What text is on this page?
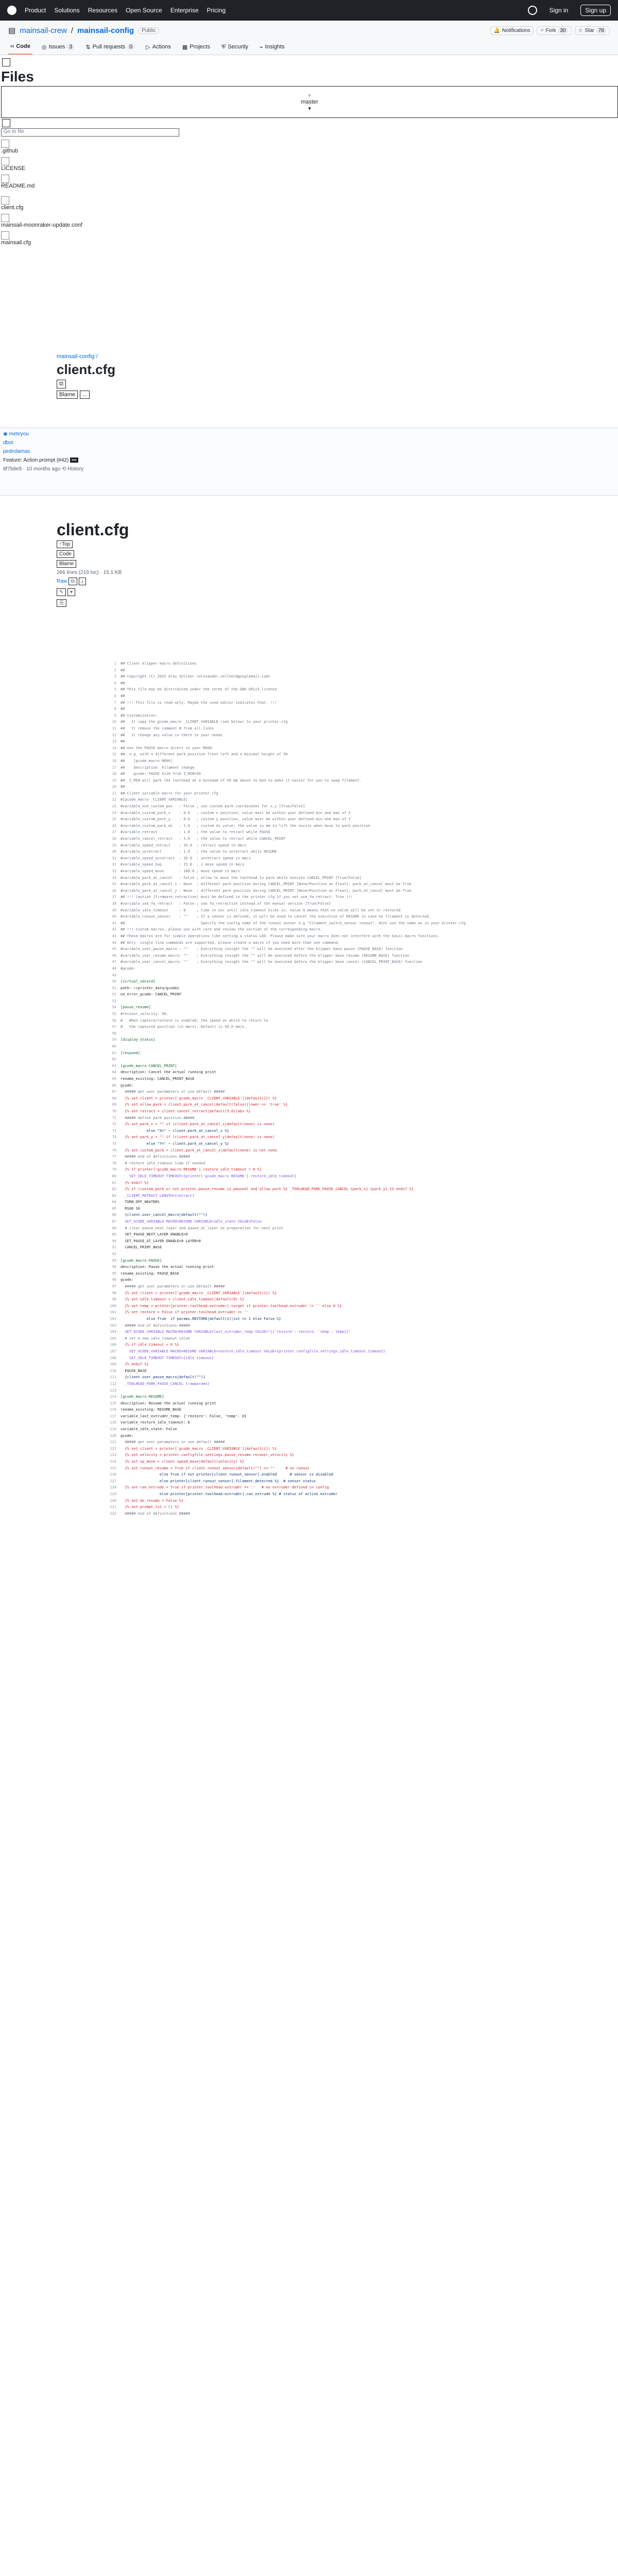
Product Solutions Resources Open Source Enterprise Pricing	Sign in	Sign up
▤ mainsail-crew / mainsail-config	Public	🔔 Notifications ⑂ Fork 30	☆ Star 78
‹› Code ◎ Issues 3	⇅ Pull requests 0	▷ Actions ▦ Projects ⛨ Security ⌁ Insights
Files
⑂
master
▾
Go to file
.github
LICENSE
README.md
client.cfg
mainsail-moonraker-update.conf
mainsail.cfg
mainsail-config /
client.cfg
⧉
Blame	...
◉ meteyou
dbot
pedrolamas
Feature: Action prompt (#42) •••
8f7b8e9 · 10 months ago ⟲ History
client.cfg
↑Top
Code
Blame
266 lines (219 loc) · 15.1 KB
Raw ⧉ ⤓
✎ ▾
☰
1	## Client klipper macro definitions
2	##
3	## Copyright (C) 2022 Alex Zellner <alexander.zellner@googlemail.com>
4	##
5	## This file may be distributed under the terms of the GNU GPLv3 license
6	##
7	## !!! This file is read-only. Maybe the used editor indicates that. !!!
8	##
9	## Customization:
10	##   1) copy the gcode_macro _CLIENT_VARIABLE (see below) to your printer.cfg
11	##   2) remove the comment # from all lines
12	##   3) change any value in there to your needs
13	##
14	## Use the PAUSE macro direct in your M600:
15	##  e.g. with a different park position front left and a minimal height of 50
16	##    [gcode_macro M600]
17	##    description: Filament change
18	##    gcode: PAUSE X=10 Y=10 Z_MIN=50
19	##  Z_MIN will park the toolhead at a minimum of 50 mm above to bed to make it easier for you to swap filament.
20	##
21	## Client variable macro for your printer.cfg
22	#[gcode_macro _CLIENT_VARIABLE]
23	#variable_use_custom_pos   : False ; use custom park coordinates for x,y [True/False]
24	#variable_custom_park_x    : 0.0   ; custom x position; value must be within your defined min and max of X
25	#variable_custom_park_y    : 0.0   ; custom y position; value must be within your defined min and max of Y
26	#variable_custom_park_dz   : 2.0   ; custom dz value; the value in mm to lift the nozzle when move to park position
27	#variable_retract          : 1.0   ; the value to retract while PAUSE
28	#variable_cancel_retract   : 5.0   ; the value to retract while CANCEL_PRINT
29	#variable_speed_retract    : 35.0  ; retract speed in mm/s
30	#variable_unretract        : 1.0   ; the value to unretract while RESUME
31	#variable_speed_unretract  : 35.0  ; unretract speed in mm/s
32	#variable_speed_hop        : 15.0  ; z move speed in mm/s
33	#variable_speed_move       : 100.0 ; move speed in mm/s
34	#variable_park_at_cancel   : False ; allow to move the toolhead to park while execute CANCEL_PRINT [True/False]
35	#variable_park_at_cancel_x : None  ; different park position during CANCEL_PRINT [None/Position as Float]; park_at_cancel must be True
36	#variable_park_at_cancel_y : None  ; different park position during CANCEL_PRINT [None/Position as Float]; park_at_cancel must be True
37	## !!! Caution [firmware_retraction] must be defined in the printer.cfg if you set use_fw_retract: True !!!
38	#variable_use_fw_retract   : False ; use fw_retraction instead of the manual version [True/False]
39	#variable_idle_timeout     : 0     ; time in sec until idle_timeout kicks in. Value 0 means that no value will be set or restored
40	#variable_runout_sensor    : ""    ; If a sensor is defined, it will be used to cancel the execution of RESUME in case no filament is detected.
41	##                                   Specify the config name of the runout sensor e.g "filament_switch_sensor runout". Hint use the same as in your printer.cfg
42	## !!! Custom macros, please use with care and review the section of the corresponding macro.
43	## These macros are for simple operations like setting a status LED. Please make sure your macro does not interfere with the basic macro functions.
44	## Only  single line commands are supported, please create a macro if you need more than one command.
45	#variable_user_pause_macro : ""    ; Everything insight the "" will be executed after the klipper base pause (PAUSE_BASE) function
46	#variable_user_resume_macro: ""    ; Everything insight the "" will be executed before the klipper base resume (RESUME_BASE) function
47	#variable_user_cancel_macro: ""    ; Everything insight the "" will be executed before the klipper base cancel (CANCEL_PRINT_BASE) function
48	#gcode:
49
50	[virtual_sdcard]
51	path: ~/printer_data/gcodes
52	on_error_gcode: CANCEL_PRINT
53
54	[pause_resume]
55	#recover_velocity: 50.
56	#   When capture/restore is enabled, the speed at which to return to
57	#   the captured position (in mm/s). Default is 50.0 mm/s.
58
59	[display_status]
60
61	[respond]
62
63	[gcode_macro CANCEL_PRINT]
64	description: Cancel the actual running print
65	rename_existing: CANCEL_PRINT_BASE
66	gcode:
67	##### get user parameters or use default #####
68	{% set client = printer['gcode_macro _CLIENT_VARIABLE']|default({}) %}
69	{% set allow_park = client.park_at_cancel|default(false)|lower == 'true' %}
70	{% set retract = client.cancel_retract|default(5.0)|abs %}
71	##### define park position #####
72	{% set park_x = "" if (client.park_at_cancel_x|default(none) is none)
73	else "X=" ~ client.park_at_cancel_x %}
74	{% set park_y = "" if (client.park_at_cancel_y|default(none) is none)
75	else "Y=" ~ client.park_at_cancel_y %}
76	{% set custom_park = client.park_at_cancel_x|default(none) is not none
77	##### end of definitions #####
78	# restore idle_timeout time if needed
79	{% if printer['gcode_macro RESUME'].restore_idle_timeout > 0 %}
80	SET_IDLE_TIMEOUT TIMEOUT={printer['gcode_macro RESUME'].restore_idle_timeout}
81	{% endif %}
82	{% if (custom_park or not printer.pause_resume.is_paused) and allow_park %} _TOOLHEAD_PARK_PAUSE_CANCEL {park_x} {park_y} {% endif %}
83	_CLIENT_RETRACT LENGTH={retract}
84	TURN_OFF_HEATERS
85	M106 S0
86	{client.user_cancel_macro|default("")}
87	SET_GCODE_VARIABLE MACRO=RESUME VARIABLE=idle_state VALUE=False
88	# clear pause_next_layer and pause_at_layer as preparation for next print
89	SET_PAUSE_NEXT_LAYER ENABLE=0
90	SET_PAUSE_AT_LAYER ENABLE=0 LAYER=0
91	CANCEL_PRINT_BASE
92
93	[gcode_macro PAUSE]
94	description: Pause the actual running print
95	rename_existing: PAUSE_BASE
96	gcode:
97	##### get user parameters or use default #####
98	{% set client = printer['gcode_macro _CLIENT_VARIABLE']|default({}) %}
99	{% set idle_timeout = client.idle_timeout|default(0) %}
100	{% set temp = printer[printer.toolhead.extruder].target if printer.toolhead.extruder != '' else 0 %}
101	{% set restore = False if printer.toolhead.extruder == ''
102	else True  if params.RESTORE|default(1)|int == 1 else False %}
103	##### end of definitions #####
104	SET_GCODE_VARIABLE MACRO=RESUME VARIABLE=last_extruder_temp VALUE="{{'restore': restore, 'temp': temp}}"
105	# set a new idle_timeout value
106	{% if idle_timeout > 0 %}
107	SET_GCODE_VARIABLE MACRO=RESUME VARIABLE=restore_idle_timeout VALUE={printer.configfile.settings.idle_timeout.timeout}
108	SET_IDLE_TIMEOUT TIMEOUT={idle_timeout}
109	{% endif %}
110	PAUSE_BASE
111	{client.user_pause_macro|default("")}
112	_TOOLHEAD_PARK_PAUSE_CANCEL {rawparams}
113
114	[gcode_macro RESUME]
115	description: Resume the actual running print
116	rename_existing: RESUME_BASE
117	variable_last_extruder_temp: {'restore': False, 'temp': 0}
118	variable_restore_idle_timeout: 0
119	variable_idle_state: False
120	gcode:
121	##### get user parameters or use default #####
122	{% set client = printer['gcode_macro _CLIENT_VARIABLE']|default({}) %}
123	{% set velocity = printer.configfile.settings.pause_resume.recover_velocity %}
124	{% set sp_move = client.speed_move|default(velocity) %}
125	{% set runout_resume = True if client.runout_sensor|default("") == ""     # no runout
126	else True if not printer[client.runout_sensor].enabled      # sensor is disabled
127	else printer[client.runout_sensor].filament_detected %}  # sensor status
128	{% set can_extrude = True if printer.toolhead.extruder == ''   # no extruder defined in config
129	else printer[printer.toolhead.extruder].can_extrude %} # status of active extruder
130	{% set do_resume = False %}
131	{% set prompt_txt = [] %}
132	##### end of definitions #####
